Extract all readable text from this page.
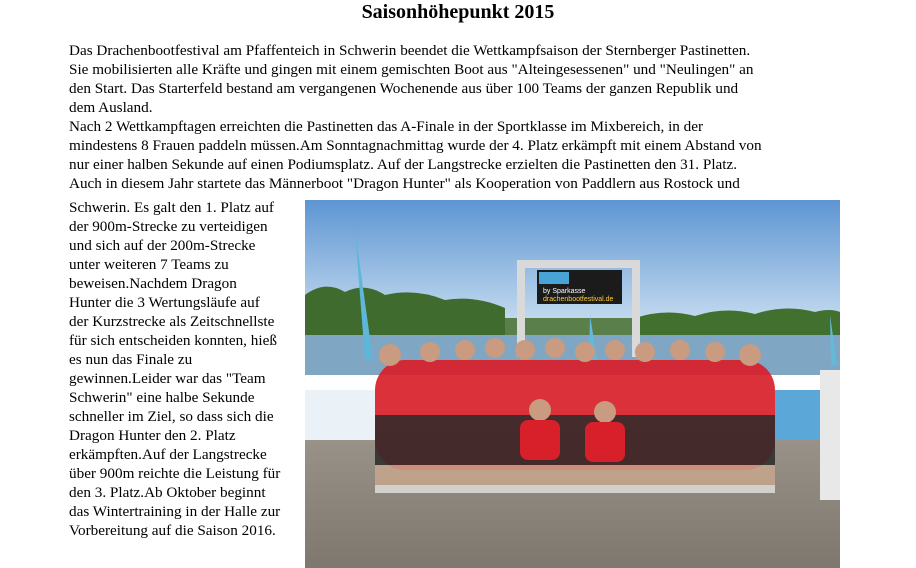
Saisonhöhepunkt 2015

Das Drachenbootfestival am Pfaffenteich in Schwerin beendet die Wettkampfsaison der Sternberger Pastinetten.

Sie mobilisierten alle Kräfte und gingen mit einem gemischten Boot aus "Alteingesessenen" und "Neulingen" an

den Start. Das Starterfeld bestand am vergangenen Wochenende aus über 100 Teams der ganzen Republik und

dem Ausland.

Nach 2 Wettkampftagen erreichten die Pastinetten das A-Finale in der Sportklasse im Mixbereich, in der

mindestens 8 Frauen paddeln müssen.Am Sonntagnachmittag wurde der 4. Platz erkämpft mit einem Abstand von

nur einer halben Sekunde auf einen Podiumsplatz. Auf der Langstrecke erzielten die Pastinetten den 31. Platz.

Auch in diesem Jahr startete das Männerboot "Dragon Hunter" als Kooperation von Paddlern aus Rostock und

Schwerin. Es galt den 1. Platz auf
der 900m-Strecke zu verteidigen
und sich auf der 200m-Strecke
unter weiteren 7 Teams zu
beweisen.Nachdem Dragon
Hunter die 3 Wertungsläufe auf
der Kurzstrecke als Zeitschnellste
für sich entscheiden konnten, hieß
es nun das Finale zu
gewinnen.Leider war das "Team
Schwerin" eine halbe Sekunde
schneller im Ziel, so dass sich die
Dragon Hunter den 2. Platz
erkämpften.Auf der Langstrecke
über 900m reichte die Leistung für
den 3. Platz.Ab Oktober beginnt
das Wintertraining in der Halle zur
Vorbereitung auf die Saison 2016.
by Sparkasse
drachenbootfestival.de
